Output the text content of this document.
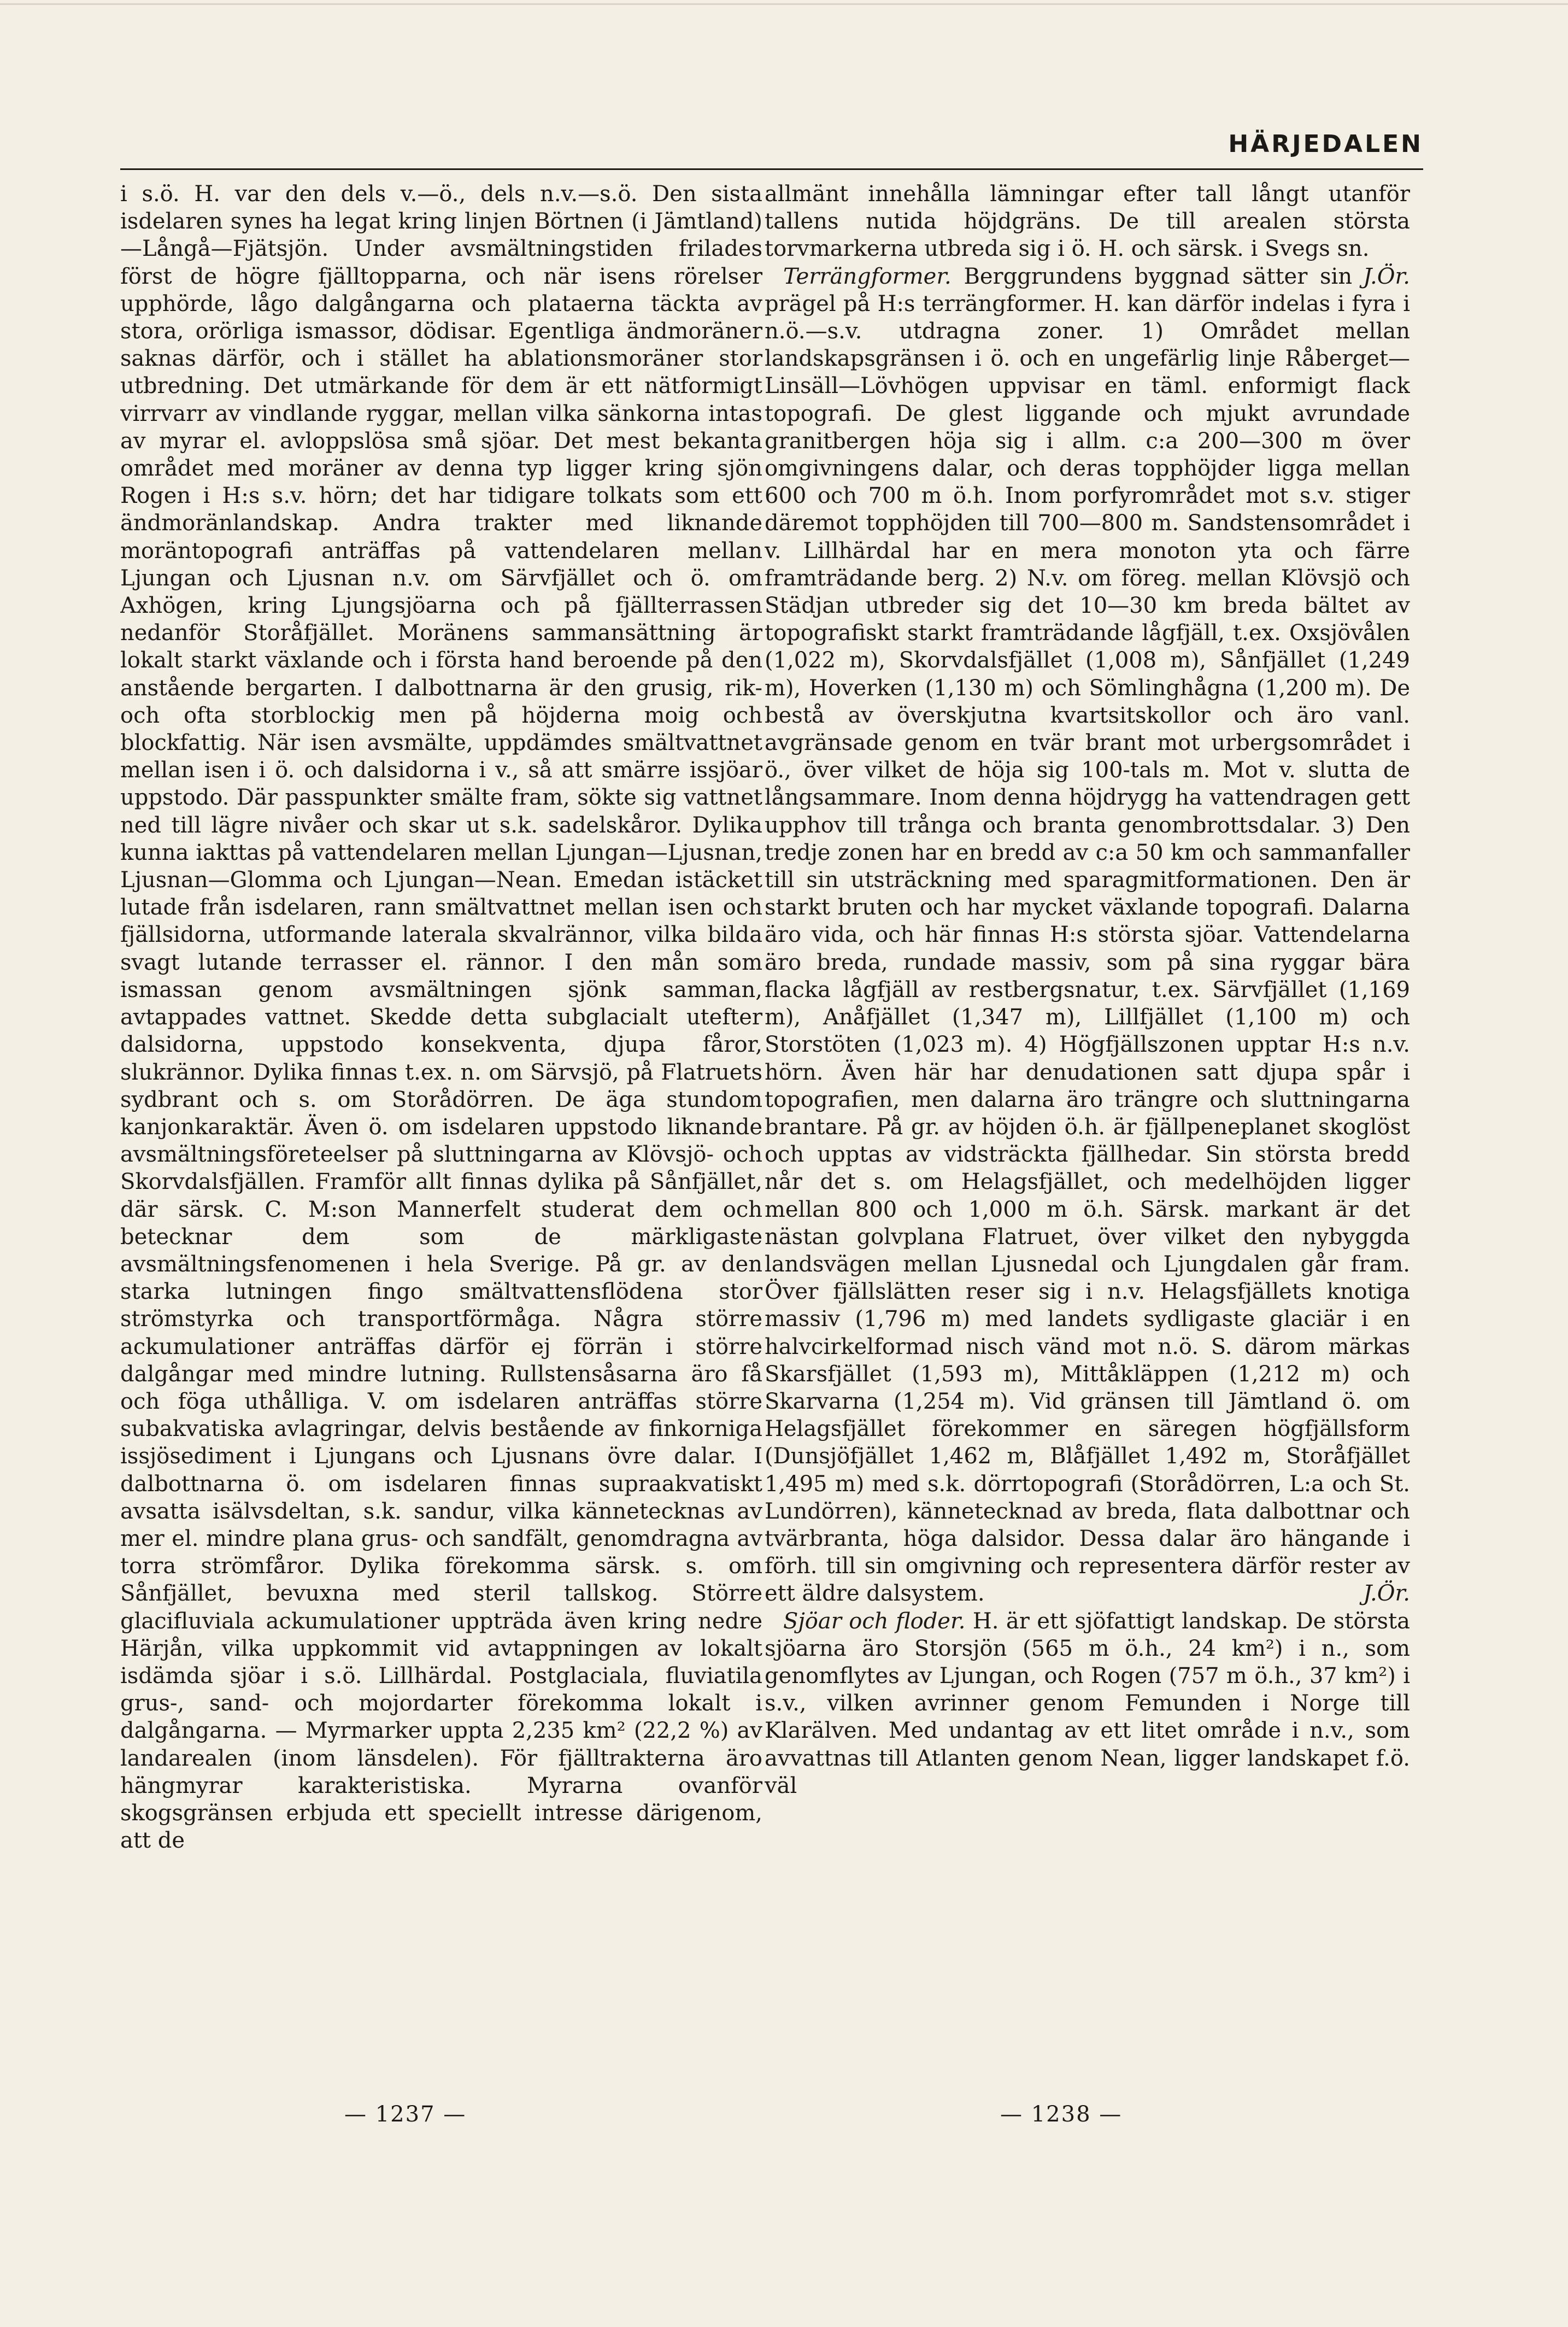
HÄRJEDALEN

i s.ö. H. var den dels v.—ö., dels n.v.—s.ö. Den sista isdelaren synes ha legat kring linjen Börtnen (i Jämtland)—Långå—Fjätsjön. Under avsmältningstiden frilades först de högre fjälltopparna, och när isens rörelser upphörde, lågo dalgångarna och plataerna täckta av stora, orörliga ismassor, dödisar. Egentliga ändmoräner saknas därför, och i stället ha ablationsmoräner stor utbredning. Det utmärkande för dem är ett nätformigt virrvarr av vindlande ryggar, mellan vilka sänkorna intas av myrar el. avloppslösa små sjöar. Det mest bekanta området med moräner av denna typ ligger kring sjön Rogen i H:s s.v. hörn; det har tidigare tolkats som ett ändmoränlandskap. Andra trakter med liknande moräntopografi anträffas på vattendelaren mellan Ljungan och Ljusnan n.v. om Särvfjället och ö. om Axhögen, kring Ljungsjöarna och på fjällterrassen nedanför Storåfjället. Moränens sammansättning är lokalt starkt växlande och i första hand beroende på den anstående bergarten. I dalbottnarna är den grusig, rik- och ofta storblockig men på höjderna moig och blockfattig. När isen avsmälte, uppdämdes smältvattnet mellan isen i ö. och dalsidorna i v., så att smärre issjöar uppstodo. Där passpunkter smälte fram, sökte sig vattnet ned till lägre nivåer och skar ut s.k. sadelskåror. Dylika kunna iakttas på vattendelaren mellan Ljungan—Ljusnan, Ljusnan—Glomma och Ljungan—Nean. Emedan istäcket lutade från isdelaren, rann smältvattnet mellan isen och fjällsidorna, utformande laterala skvalrännor, vilka bilda svagt lutande terrasser el. rännor. I den mån som ismassan genom avsmältningen sjönk samman, avtappades vattnet. Skedde detta subglacialt utefter dalsidorna, uppstodo konsekventa, djupa fåror, slukrännor. Dylika finnas t.ex. n. om Särvsjö, på Flatruets sydbrant och s. om Storådörren. De äga stundom kanjonkaraktär. Även ö. om isdelaren uppstodo liknande avsmältningsföreteelser på sluttningarna av Klövsjö- och Skorvdalsfjällen. Framför allt finnas dylika på Sånfjället, där särsk. C. M:son Mannerfelt studerat dem och betecknar dem som de märkligaste avsmältningsfenomenen i hela Sverige. På gr. av den starka lutningen fingo smältvattensflödena stor strömstyrka och transportförmåga. Några större ackumulationer anträffas därför ej förrän i större dalgångar med mindre lutning. Rullstensåsarna äro få och föga uthålliga. V. om isdelaren anträffas större subakvatiska avlagringar, delvis bestående av finkorniga issjösediment i Ljungans och Ljusnans övre dalar. I dalbottnarna ö. om isdelaren finnas supraakvatiskt avsatta isälvsdeltan, s.k. sandur, vilka kännetecknas av mer el. mindre plana grus- och sandfält, genomdragna av torra strömfåror. Dylika förekomma särsk. s. om Sånfjället, bevuxna med steril tallskog. Större glacifluviala ackumulationer uppträda även kring nedre Härjån, vilka uppkommit vid avtappningen av lokalt isdämda sjöar i s.ö. Lillhärdal. Postglaciala, fluviatila grus-, sand- och mojordarter förekomma lokalt i dalgångarna. — Myrmarker uppta 2,235 km² (22,2 %) av landarealen (inom länsdelen). För fjälltrakterna äro hängmyrar karakteristiska. Myrarna ovanför skogsgränsen erbjuda ett speciellt intresse därigenom, att de

allmänt innehålla lämningar efter tall långt utanför tallens nutida höjdgräns. De till arealen största torvmarkerna utbreda sig i ö. H. och särsk. i Svegs sn.
J.Ör.

Terrängformer. Berggrundens byggnad sätter sin prägel på H:s terrängformer. H. kan därför indelas i fyra i n.ö.—s.v. utdragna zoner. 1) Området mellan landskapsgränsen i ö. och en ungefärlig linje Råberget—Linsäll—Lövhögen uppvisar en täml. enformigt flack topografi. De glest liggande och mjukt avrundade granitbergen höja sig i allm. c:a 200—300 m över omgivningens dalar, och deras topphöjder ligga mellan 600 och 700 m ö.h. Inom porfyrområdet mot s.v. stiger däremot topphöjden till 700—800 m. Sandstensområdet i v. Lillhärdal har en mera monoton yta och färre framträdande berg. 2) N.v. om föreg. mellan Klövsjö och Städjan utbreder sig det 10—30 km breda bältet av topografiskt starkt framträdande lågfjäll, t.ex. Oxsjövålen (1,022 m), Skorvdalsfjället (1,008 m), Sånfjället (1,249 m), Hoverken (1,130 m) och Sömlinghågna (1,200 m). De bestå av överskjutna kvartsitskollor och äro vanl. avgränsade genom en tvär brant mot urbergsområdet i ö., över vilket de höja sig 100-tals m. Mot v. slutta de långsammare. Inom denna höjdrygg ha vattendragen gett upphov till trånga och branta genombrottsdalar. 3) Den tredje zonen har en bredd av c:a 50 km och sammanfaller till sin utsträckning med sparagmitformationen. Den är starkt bruten och har mycket växlande topografi. Dalarna äro vida, och här finnas H:s största sjöar. Vattendelarna äro breda, rundade massiv, som på sina ryggar bära flacka lågfjäll av restbergsnatur, t.ex. Särvfjället (1,169 m), Anåfjället (1,347 m), Lillfjället (1,100 m) och Storstöten (1,023 m). 4) Högfjällszonen upptar H:s n.v. hörn. Även här har denudationen satt djupa spår i topografien, men dalarna äro trängre och sluttningarna brantare. På gr. av höjden ö.h. är fjällpeneplanet skoglöst och upptas av vidsträckta fjällhedar. Sin största bredd når det s. om Helagsfjället, och medelhöjden ligger mellan 800 och 1,000 m ö.h. Särsk. markant är det nästan golvplana Flatruet, över vilket den nybyggda landsvägen mellan Ljusnedal och Ljungdalen går fram. Över fjällslätten reser sig i n.v. Helagsfjällets knotiga massiv (1,796 m) med landets sydligaste glaciär i en halvcirkelformad nisch vänd mot n.ö. S. därom märkas Skarsfjället (1,593 m), Mittåkläppen (1,212 m) och Skarvarna (1,254 m). Vid gränsen till Jämtland ö. om Helagsfjället förekommer en säregen högfjällsform (Dunsjöfjället 1,462 m, Blåfjället 1,492 m, Storåfjället 1,495 m) med s.k. dörrtopografi (Storådörren, L:a och St. Lundörren), kännetecknad av breda, flata dalbottnar och tvärbranta, höga dalsidor. Dessa dalar äro hängande i förh. till sin omgivning och representera därför rester av ett äldre dalsystem.	J.Ör.

Sjöar och floder. H. är ett sjöfattigt landskap. De största sjöarna äro Storsjön (565 m ö.h., 24 km²) i n., som genomflytes av Ljungan, och Rogen (757 m ö.h., 37 km²) i s.v., vilken avrinner genom Femunden i Norge till Klarälven. Med undantag av ett litet område i n.v., som avvattnas till Atlanten genom Nean, ligger landskapet f.ö. väl

— 1237 —	— 1238 —
